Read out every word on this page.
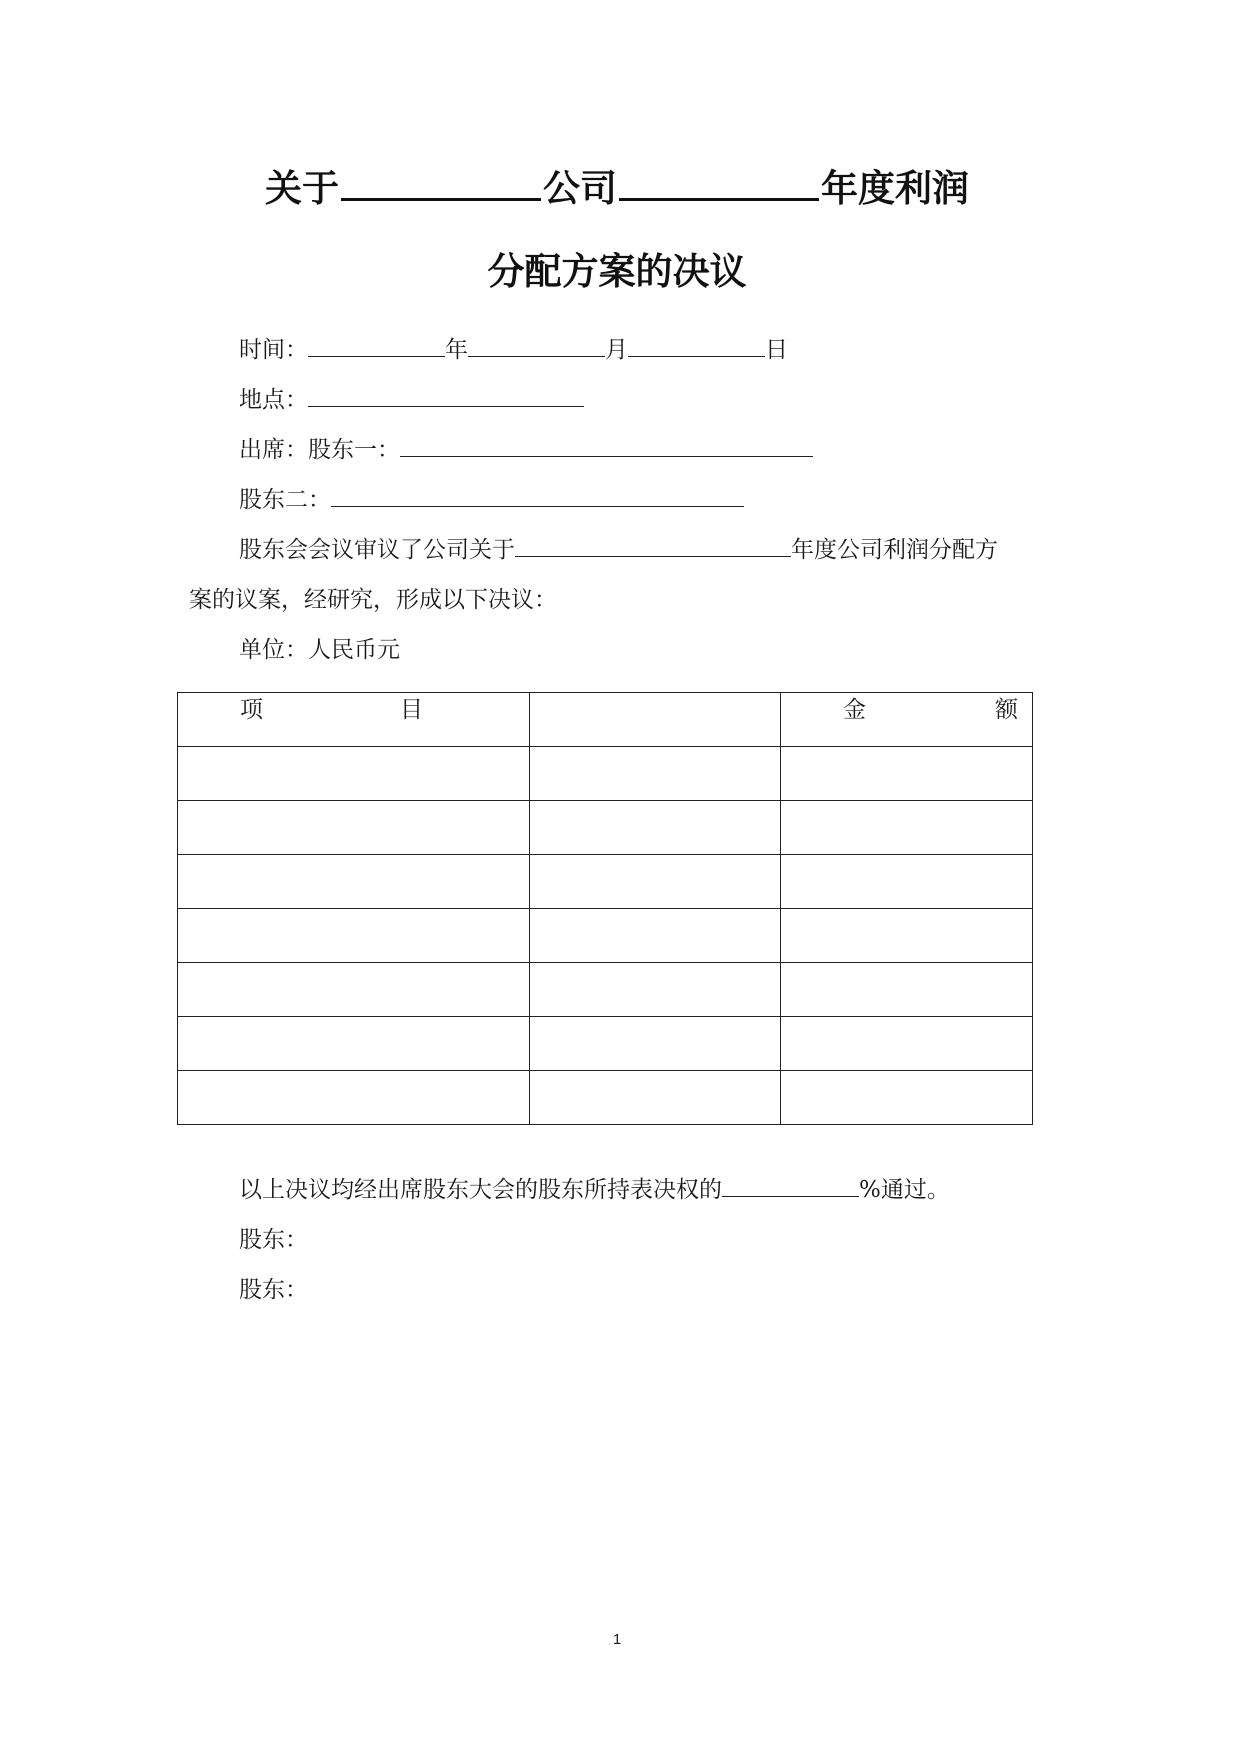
关于	公司	年度利润
分配方案的决议
时间：	年	月	日
地点：
出席：股东一：
股东二：
股东会会议审议了公司关于	年度公司利润分配方
案的议案，经研究，形成以下决议：
单位：人民币元
项 目		金 额

以上决议均经出席股东大会的股东所持表决权的	%通过。
股东：
股东：
1
